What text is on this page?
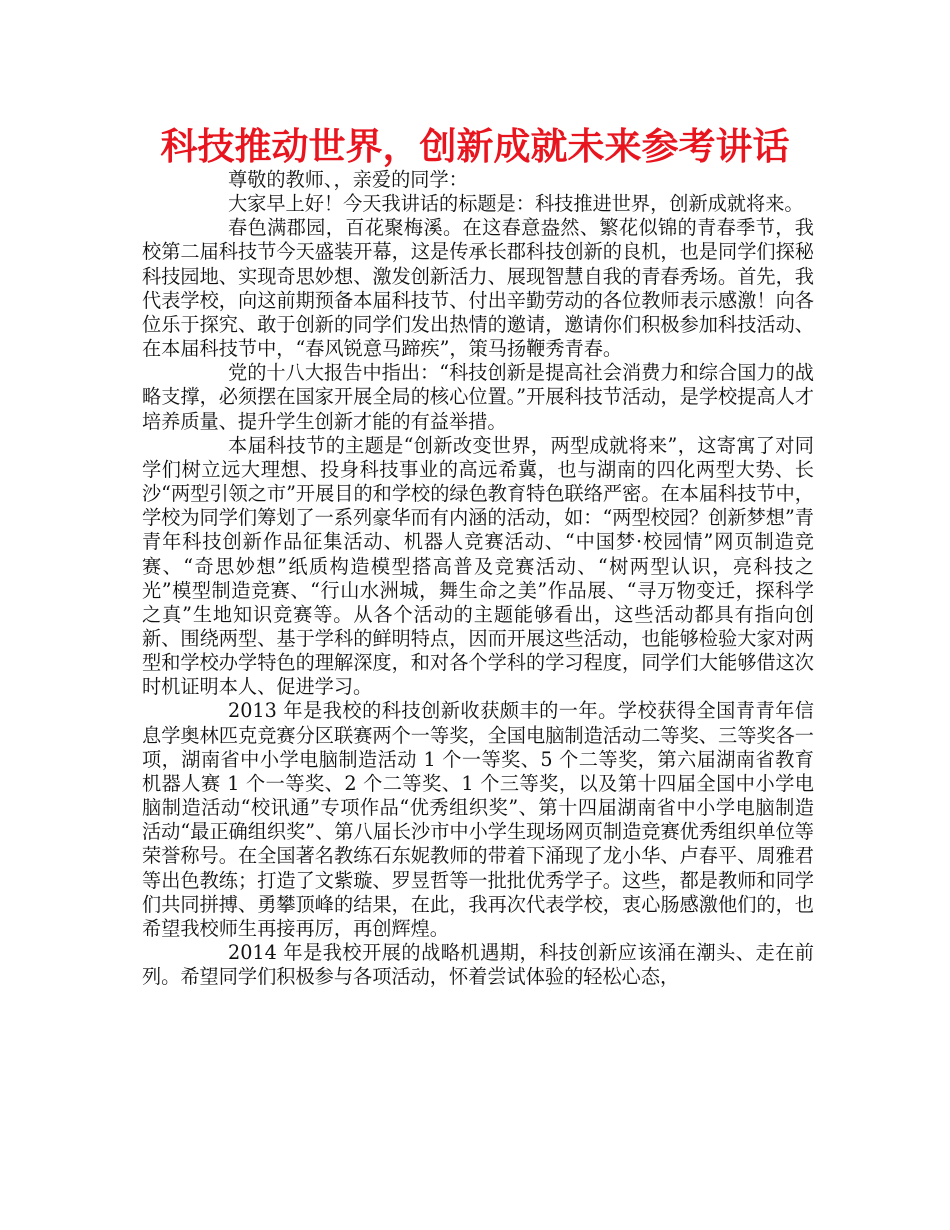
科技推动世界，创新成就未来参考讲话

尊敬的教师、，亲爱的同学：

大家早上好！今天我讲话的标题是：科技推进世界，创新成就将来。

春色满郡园，百花聚梅溪。在这春意盎然、繁花似锦的青春季节，我校第二届科技节今天盛装开幕，这是传承长郡科技创新的良机，也是同学们探秘科技园地、实现奇思妙想、激发创新活力、展现智慧自我的青春秀场。首先，我代表学校，向这前期预备本届科技节、付出辛勤劳动的各位教师表示感激！向各位乐于探究、敢于创新的同学们发出热情的邀请，邀请你们积极参加科技活动、在本届科技节中，“春风锐意马蹄疾”，策马扬鞭秀青春。

党的十八大报告中指出：“科技创新是提高社会消费力和综合国力的战略支撑，必须摆在国家开展全局的核心位置。”开展科技节活动，是学校提高人才培养质量、提升学生创新才能的有益举措。

本届科技节的主题是“创新改变世界，两型成就将来”，这寄寓了对同学们树立远大理想、投身科技事业的高远希冀，也与湖南的四化两型大势、长沙“两型引领之市”开展目的和学校的绿色教育特色联络严密。在本届科技节中，学校为同学们筹划了一系列豪华而有内涵的活动，如：“两型校园？创新梦想”青青年科技创新作品征集活动、机器人竞赛活动、“中国梦·校园情”网页制造竞赛、“奇思妙想”纸质构造模型搭高普及竞赛活动、“树两型认识，亮科技之光”模型制造竞赛、“行山水洲城，舞生命之美”作品展、“寻万物变迁，探科学之真”生地知识竞赛等。从各个活动的主题能够看出，这些活动都具有指向创新、围绕两型、基于学科的鲜明特点，因而开展这些活动，也能够检验大家对两型和学校办学特色的理解深度，和对各个学科的学习程度，同学们大能够借这次时机证明本人、促进学习。

2013 年是我校的科技创新收获颇丰的一年。学校获得全国青青年信息学奥林匹克竞赛分区联赛两个一等奖，全国电脑制造活动二等奖、三等奖各一项，湖南省中小学电脑制造活动 1 个一等奖、5 个二等奖，第六届湖南省教育机器人赛 1 个一等奖、2 个二等奖、1 个三等奖，以及第十四届全国中小学电脑制造活动“校讯通”专项作品“优秀组织奖”、第十四届湖南省中小学电脑制造活动“最正确组织奖”、第八届长沙市中小学生现场网页制造竞赛优秀组织单位等荣誉称号。在全国著名教练石东妮教师的带着下涌现了龙小华、卢春平、周雅君等出色教练；打造了文紫璇、罗昱哲等一批批优秀学子。这些，都是教师和同学们共同拼搏、勇攀顶峰的结果，在此，我再次代表学校，衷心肠感激他们的，也希望我校师生再接再厉，再创辉煌。

2014 年是我校开展的战略机遇期，科技创新应该涌在潮头、走在前列。希望同学们积极参与各项活动，怀着尝试体验的轻松心态，
